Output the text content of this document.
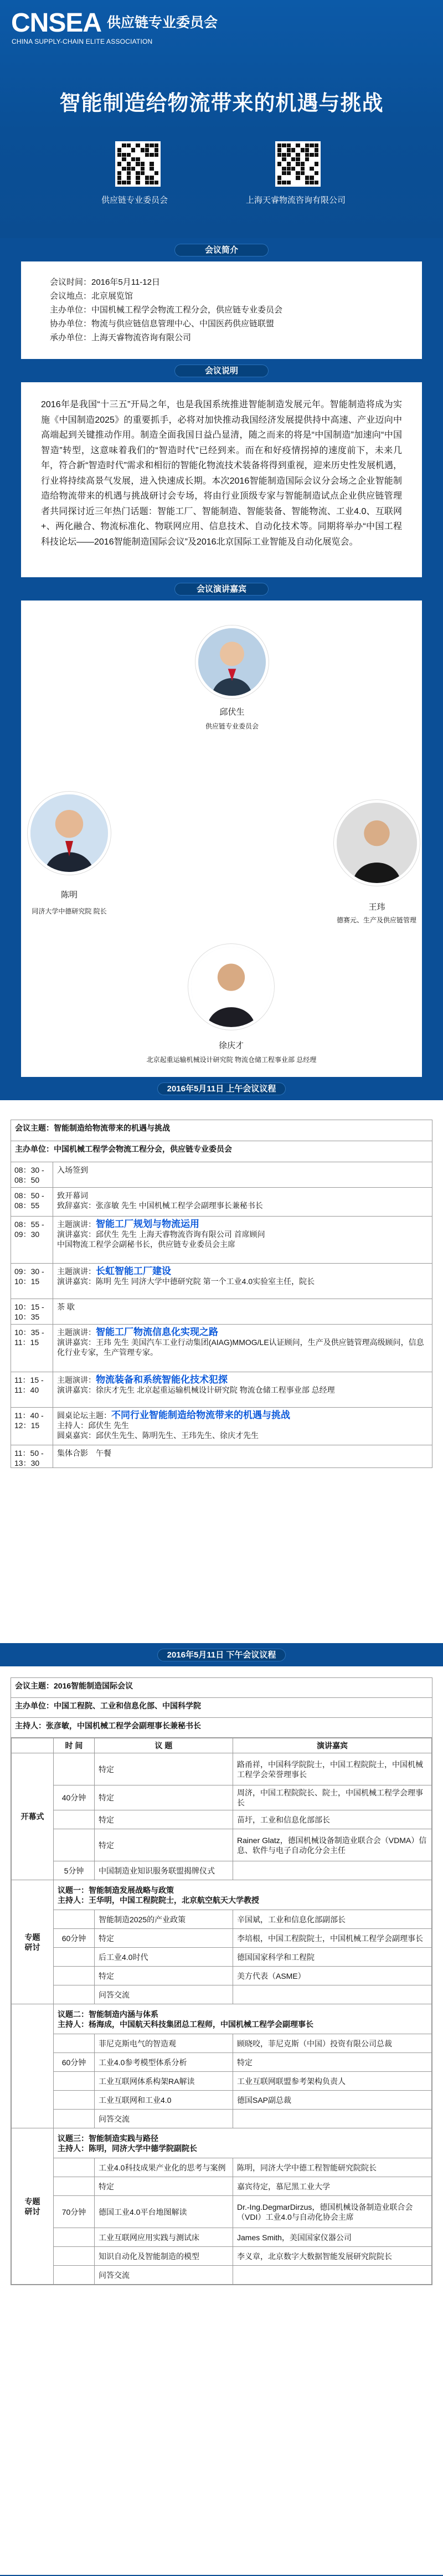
CNSEA 供应链专业委员会
CHINA SUPPLY-CHAIN ELITE ASSOCIATION
智能制造给物流带来的机遇与挑战
供应链专业委员会	上海天睿物流咨询有限公司
会议简介
会议时间：2016年5月11-12日
会议地点：北京展览馆
主办单位：中国机械工程学会物流工程分会，供应链专业委员会
协办单位：物流与供应链信息管理中心、中国医药供应链联盟
承办单位：上海天睿物流咨询有限公司
会议说明
2016年是我国“十三五”开局之年，也是我国系统推进智能制造发展元年。智能制造将成为实施《中国制造2025》的重要抓手，必将对加快推动我国经济发展提供持中高速、产业迈向中高端起到关键推动作用。制造全面我国日益凸显清，随之而来的将是“中国制造”加速向“中国智造”转型，这意味着我们的“智造时代”已经到来。而在和好疫情拐掉的速度前下，未来几年，符合新“智造时代”需求和相衍的智能化物流技术装备将得到重视，迎来历史性发展机遇，行业将持续高景气发展，进入快速成长期。本次2016智能制造国际会议分会场之企业智能制造给物流带来的机遇与挑战研讨会专场，将由行业顶级专家与智能制造试点企业供应链管理者共同探讨近三年热门话题：智能工厂、智能制造、智能装备、智能物流、工业4.0、互联网+、两化融合、物流标准化、物联网应用、信息技术、自动化技术等。同期将举办“中国工程科技论坛——2016智能制造国际会议”及2016北京国际工业智能及自动化展览会。
会议演讲嘉宾
邱伏生
供应链专业委员会
陈明
同济大学中德研究院 院长	王玮
德赛元、生产及供应链管理
徐庆才
北京起重运输机械设计研究院 物流仓储工程事业部 总经理
2016年5月11日 上午会议议程
会议主题：智能制造给物流带来的机遇与挑战
主办单位：中国机械工程学会物流工程分会，供应链专业委员会
08：30 -
08：50
入场签到
08：50 -
08：55
致开幕词
致辞嘉宾：张彦敏 先生 中国机械工程学会副理事长兼秘书长
08：55 -
09：30
主题演讲：智能工厂规划与物流运用
演讲嘉宾：邱伏生 先生 上海天睿物流咨询有限公司 首席顾问
中国物流工程学会副秘书长，供应链专业委员会主席
09：30 -
10：15
主题演讲：长虹智能工厂建设
演讲嘉宾：陈明 先生 同济大学中德研究院 第一个工业4.0实验室主任，院长
10：15 -
10：35
茶 歇
10：35 -
11：15
主题演讲：智能工厂物流信息化实现之路
演讲嘉宾：王玮 先生 美国汽车工业行动集团(AIAG)MMOG/LE认证顾问，生产及供应链管理高级顾问，信息化行业专家，生产管理专家。
11：15 -
11：40
主题演讲：物流装备和系统智能化技术犯探
演讲嘉宾：徐庆才先生 北京起重运输机械设计研究院 物流仓储工程事业部 总经理
11：40 -
12：15
圆桌论坛主题：不同行业智能制造给物流带来的机遇与挑战
主持人：邱伏生 先生
圆桌嘉宾：邱伏生先生、陈明先生、王玮先生、徐庆才先生
11：50 -
13：30
集体合影　午餐
2016年5月11日 下午会议议程
会议主题：2016智能制造国际会议
主办单位：中国工程院、工业和信息化部、中国科学院
主持人：张彦敏，中国机械工程学会副理事长兼秘书长
	时 间	议 题	演讲嘉宾
开幕式		特定	路甬祥，中国科学院院士，中国工程院院士，中国机械工程学会荣誉理事长
	40分钟	特定	周济，中国工程院院长、院士，中国机械工程学会理事长
		特定	苗圩，工业和信息化部部长
		特定	Rainer Glatz，德国机械设备制造业联合会（VDMA）信息、软件与电子自动化分会主任
	5分钟	中国制造业知识服务联盟揭牌仪式	
专题
研讨	议题一：智能制造发展战略与政策
主持人：王华明，中国工程院院士，北京航空航天大学教授		
		智能制造2025的产业政策	辛国斌，工业和信息化部副部长
	60分钟	特定	李培根，中国工程院院士，中国机械工程学会副理事长
		后工业4.0时代	德国国家科学和工程院
		特定	美方代表（ASME）
		问答交流	
	议题二：智能制造内涵与体系
主持人：杨海成，中国航天科技集团总工程师，中国机械工程学会副理事长		
		菲尼克斯电气的智造观	顾晓咬，菲尼克斯（中国）投资有限公司总裁
	60分钟	工业4.0参考模型体系分析	特定
		工业互联网体系构架RA解读	工业互联网联盟参考架构负责人
		工业互联网和工业4.0	德国SAP副总裁
		问答交流	
专题
研讨	议题三：智能制造实践与路径
主持人：陈明，同济大学中德学院副院长		
		工业4.0科技成果产业化的思考与案例	陈明，同济大学中德工程智能研究院院长
		特定	嘉宾待定，慕尼黑工业大学
	70分钟	德国工业4.0平台地图解读	Dr.-Ing.DegmarDirzus，德国机械设备制造业联合会（VDI）工业4.0与自动化协会主席
		工业互联网应用实践与测试床	James Smith，美国国家仪器公司
		知识自动化及智能制造的模型	李义章，北京数字大数据智能发展研究院院长
		问答交流	
上海天睿物流咨询
